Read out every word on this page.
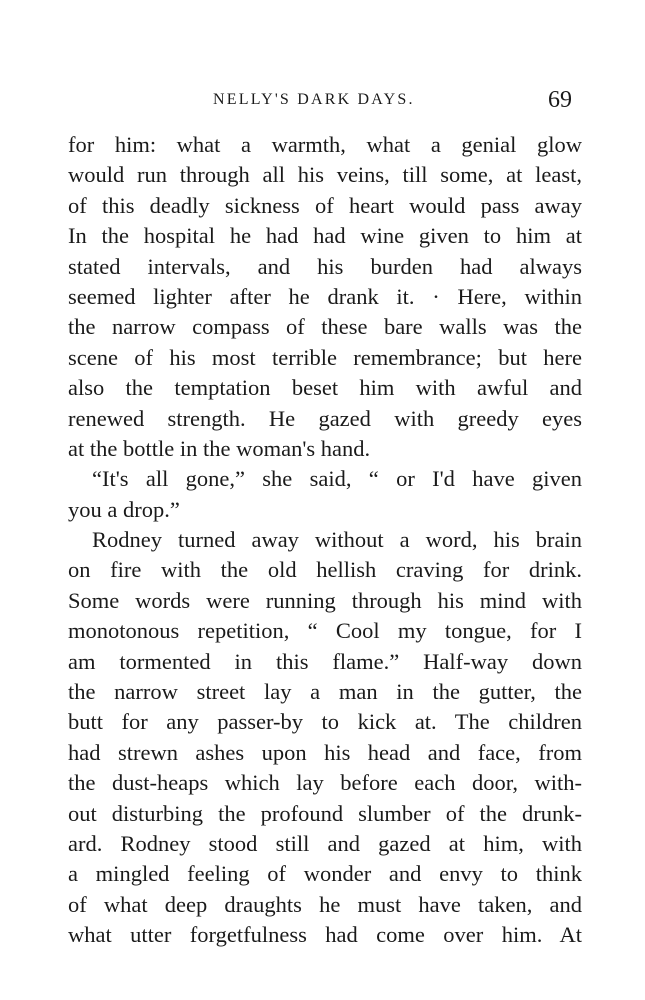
NELLY'S DARK DAYS.	69
for him: what a warmth, what a genial glow
would run through all his veins, till some, at least,
of this deadly sickness of heart would pass away
In the hospital he had had wine given to him at
stated intervals, and his burden had always
seemed lighter after he drank it. · Here, within
the narrow compass of these bare walls was the
scene of his most terrible remembrance; but here
also the temptation beset him with awful and
renewed strength. He gazed with greedy eyes
at the bottle in the woman's hand.
“It's all gone,” she said, “ or I'd have given
you a drop.”
Rodney turned away without a word, his brain
on fire with the old hellish craving for drink.
Some words were running through his mind with
monotonous repetition, “ Cool my tongue, for I
am tormented in this flame.” Half-way down
the narrow street lay a man in the gutter, the
butt for any passer-by to kick at. The children
had strewn ashes upon his head and face, from
the dust-heaps which lay before each door, with-
out disturbing the profound slumber of the drunk-
ard. Rodney stood still and gazed at him, with
a mingled feeling of wonder and envy to think
of what deep draughts he must have taken, and
what utter forgetfulness had come over him. At
